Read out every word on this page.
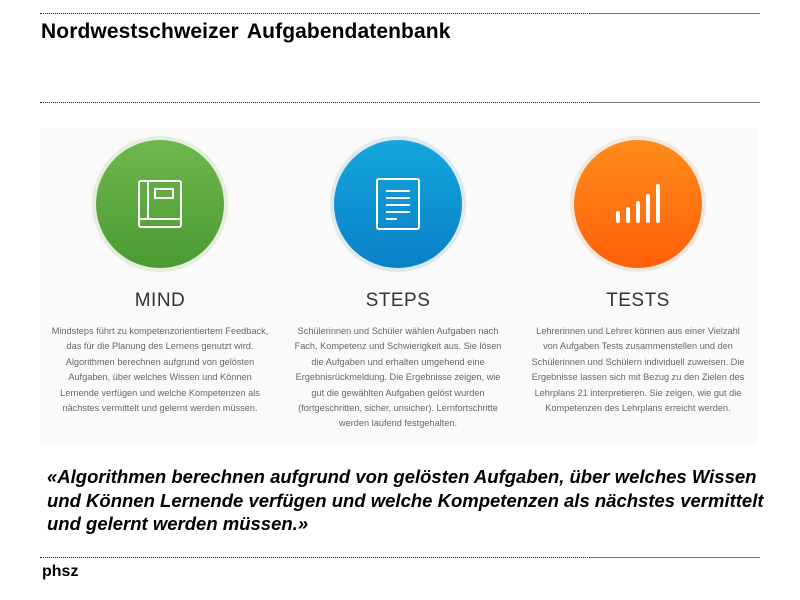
Nordwestschweizer Aufgabendatenbank
MIND
Mindsteps führt zu kompetenzorientiertem Feedback, das für die Planung des Lernens genutzt wird. Algorithmen berechnen aufgrund von gelösten Aufgaben, über welches Wissen und Können Lernende verfügen und welche Kompetenzen als nächstes vermittelt und gelernt werden müssen.
STEPS
Schülerinnen und Schüler wählen Aufgaben nach Fach, Kompetenz und Schwierigkeit aus. Sie lösen die Aufgaben und erhalten umgehend eine Ergebnisrückmeldung. Die Ergebnisse zeigen, wie gut die gewählten Aufgaben gelöst wurden (fortgeschritten, sicher, unsicher). Lernfortschritte werden laufend festgehalten.
TESTS
Lehrerinnen und Lehrer können aus einer Vielzahl von Aufgaben Tests zusammenstellen und den Schülerinnen und Schülern individuell zuweisen. Die Ergebnisse lassen sich mit Bezug zu den Zielen des Lehrplans 21 interpretieren. Sie zeigen, wie gut die Kompetenzen des Lehrplans erreicht werden.
«Algorithmen berechnen aufgrund von gelösten Aufgaben, über welches Wissen und Können Lernende verfügen und welche Kompetenzen als nächstes vermittelt und gelernt werden müssen.»
phsz
